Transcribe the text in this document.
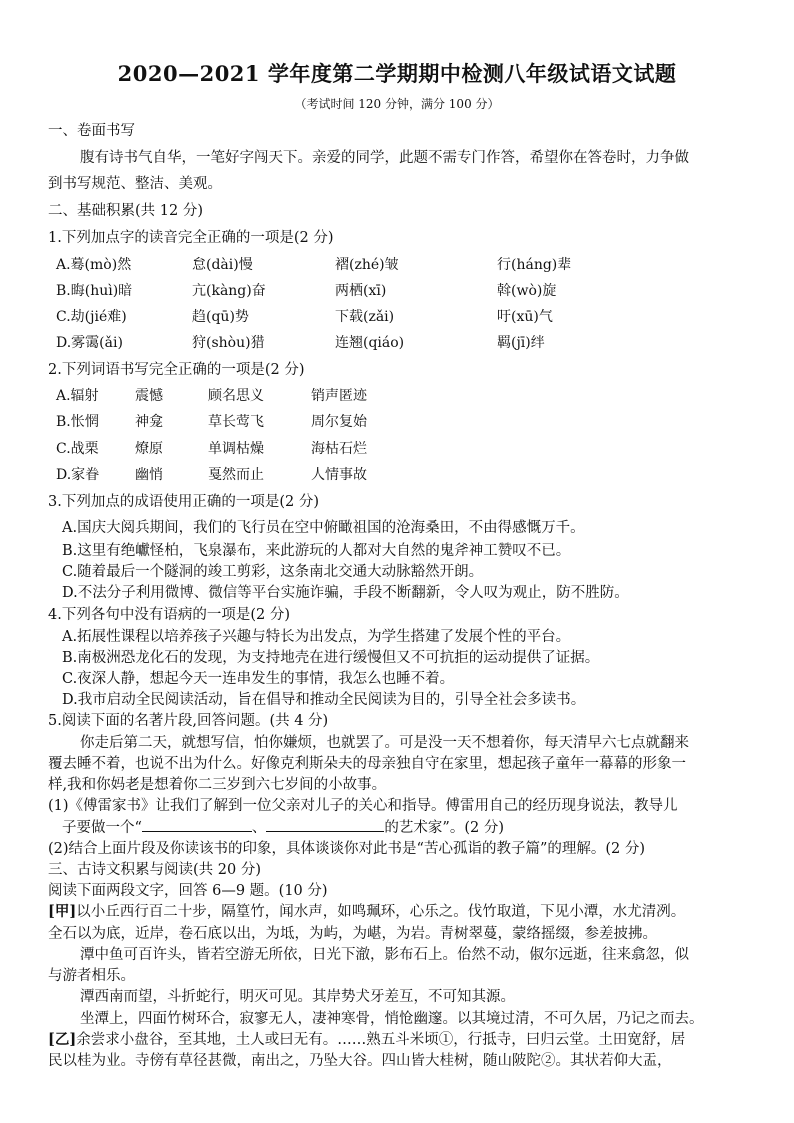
2020—2021 学年度第二学期期中检测八年级试语文试题
（考试时间 120 分钟，满分 100 分）
一、卷面书写
腹有诗书气自华，一笔好字闯天下。亲爱的同学，此题不需专门作答，希望你在答卷时，力争做
到书写规范、整洁、美观。
二、基础积累(共 12 分)
1.下列加点字的读音完全正确的一项是(2 分)
A.蓦(mò)然	怠(dài)慢	褶(zhé)皱	行(háng)辈
B.晦(huì)暗	亢(kàng)奋	两栖(xī)	斡(wò)旋
C.劫(jié难)	趋(qū)势	下载(zǎi)	吁(xū)气
D.雾霭(ǎi)	狩(shòu)猎	连翘(qiáo)	羁(jī)绊
2.下列词语书写完全正确的一项是(2 分)
A.辐射	震憾	顾名思义	销声匿迹
B.怅惘	神龛	草长莺飞	周尔复始
C.战栗	燎原	单调枯燥	海枯石烂
D.家眷	幽悄	戛然而止	人情事故
3.下列加点的成语使用正确的一项是(2 分)
A.国庆大阅兵期间，我们的飞行员在空中俯瞰祖国的沧海桑田，不由得感慨万千。
B.这里有绝巘怪柏，飞泉瀑布，来此游玩的人都对大自然的鬼斧神工赞叹不已。
C.随着最后一个隧洞的竣工剪彩，这条南北交通大动脉豁然开朗。
D.不法分子利用微博、微信等平台实施诈骗，手段不断翻新，令人叹为观止，防不胜防。
4.下列各句中没有语病的一项是(2 分)
A.拓展性课程以培养孩子兴趣与特长为出发点，为学生搭建了发展个性的平台。
B.南极洲恐龙化石的发现，为支持地壳在进行缓慢但又不可抗拒的运动提供了证据。
C.夜深人静，想起今天一连串发生的事情，我怎么也睡不着。
D.我市启动全民阅读活动，旨在倡导和推动全民阅读为目的，引导全社会多读书。
5.阅读下面的名著片段,回答问题。(共 4 分)
你走后第二天，就想写信，怕你嫌烦，也就罢了。可是没一天不想着你，每天清早六七点就翻来
覆去睡不着，也说不出为什么。好像克利斯朵夫的母亲独自守在家里，想起孩子童年一幕幕的形象一
样,我和你妈老是想着你二三岁到六七岁间的小故事。
(1)《傅雷家书》让我们了解到一位父亲对儿子的关心和指导。傅雷用自己的经历现身说法，教导儿
子要做一个“	、	的艺术家”。(2 分)
(2)结合上面片段及你读该书的印象，具体谈谈你对此书是“苦心孤诣的教子篇”的理解。(2 分)
三、古诗文积累与阅读(共 20 分)
阅读下面两段文字，回答 6—9 题。(10 分)
[甲]以小丘西行百二十步，隔篁竹，闻水声，如鸣珮环，心乐之。伐竹取道，下见小潭，水尤清冽。
全石以为底，近岸，卷石底以出，为坻，为屿，为嵁，为岩。青树翠蔓，蒙络摇缀，参差披拂。
潭中鱼可百许头，皆若空游无所依，日光下澈，影布石上。佁然不动，俶尔远逝，往来翕忽，似
与游者相乐。
潭西南而望，斗折蛇行，明灭可见。其岸势犬牙差互，不可知其源。
坐潭上，四面竹树环合，寂寥无人，凄神寒骨，悄怆幽邃。以其境过清，不可久居，乃记之而去。
[乙]余尝求小盘谷，至其地，土人或曰无有。……熟五斗米顷①，行抵寺，曰归云堂。土田宽舒，居
民以桂为业。寺傍有草径甚微，南出之，乃坠大谷。四山皆大桂树，随山陂陀②。其状若仰大盂，
